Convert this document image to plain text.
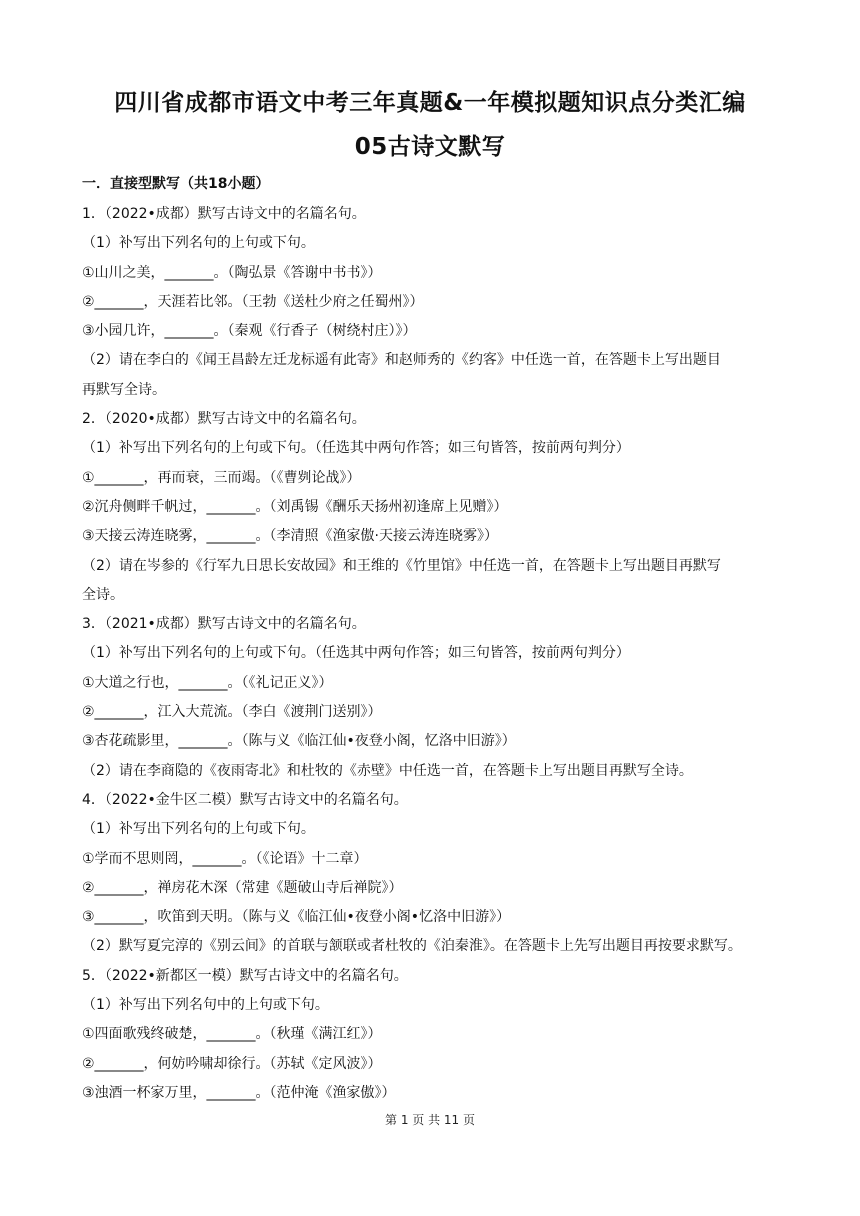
四川省成都市语文中考三年真题&一年模拟题知识点分类汇编
05古诗文默写
一．直接型默写（共18小题）
1．（2022•成都）默写古诗文中的名篇名句。
（1）补写出下列名句的上句或下句。
①山川之美，_______。（陶弘景《答谢中书书》）
②_______，天涯若比邻。（王勃《送杜少府之任蜀州》）
③小园几许，_______。（秦观《行香子（树绕村庄）》）
（2）请在李白的《闻王昌龄左迁龙标遥有此寄》和赵师秀的《约客》中任选一首，在答题卡上写出题目
再默写全诗。
2．（2020•成都）默写古诗文中的名篇名句。
（1）补写出下列名句的上句或下句。（任选其中两句作答；如三句皆答，按前两句判分）
①_______，再而衰，三而竭。（《曹刿论战》）
②沉舟侧畔千帆过，_______。（刘禹锡《酬乐天扬州初逢席上见赠》）
③天接云涛连晓雾，_______。（李清照《渔家傲·天接云涛连晓雾》）
（2）请在岑参的《行军九日思长安故园》和王维的《竹里馆》中任选一首，在答题卡上写出题目再默写
全诗。
3．（2021•成都）默写古诗文中的名篇名句。
（1）补写出下列名句的上句或下句。（任选其中两句作答；如三句皆答，按前两句判分）
①大道之行也，_______。（《礼记正义》）
②_______，江入大荒流。（李白《渡荆门送别》）
③杏花疏影里，_______。（陈与义《临江仙•夜登小阁，忆洛中旧游》）
（2）请在李商隐的《夜雨寄北》和杜牧的《赤壁》中任选一首，在答题卡上写出题目再默写全诗。
4．（2022•金牛区二模）默写古诗文中的名篇名句。
（1）补写出下列名句的上句或下句。
①学而不思则罔，_______。（《论语》十二章）
②_______，禅房花木深（常建《题破山寺后禅院》）
③_______，吹笛到天明。（陈与义《临江仙•夜登小阁•忆洛中旧游》）
（2）默写夏完淳的《别云间》的首联与颔联或者杜牧的《泊秦淮》。在答题卡上先写出题目再按要求默写。
5．（2022•新都区一模）默写古诗文中的名篇名句。
（1）补写出下列名句中的上句或下句。
①四面歌残终破楚，_______。（秋瑾《满江红》）
②_______，何妨吟啸却徐行。（苏轼《定风波》）
③浊酒一杯家万里，_______。（范仲淹《渔家傲》）
第 1 页 共 11 页
